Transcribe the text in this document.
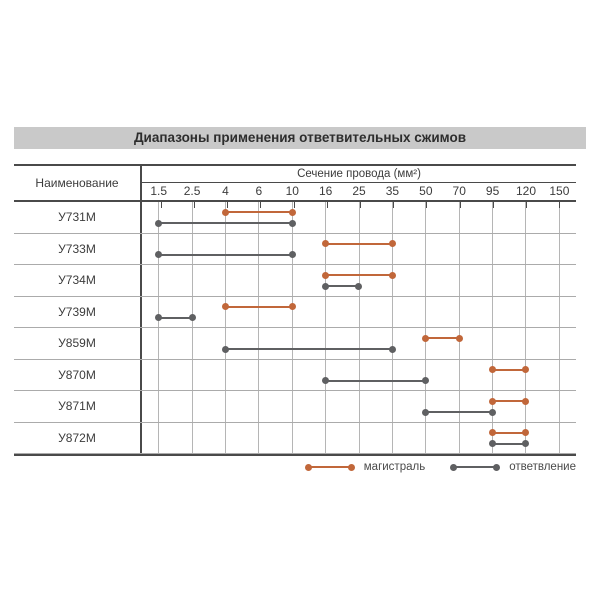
Диапазоны применения ответвительных сжимов
Наименование
Сечение провода (мм²)
1.5	2.5	4	6	10	16	25	35	50	70	95	120	150
У731М
У733М
У734М
У739М
У859М
У870М
У871М
У872М
магистраль	ответвление
